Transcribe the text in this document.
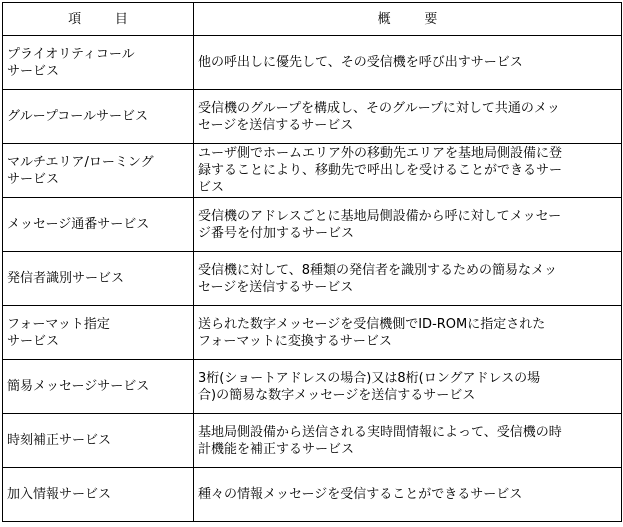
項 目	概 要
プライオリティコール
サービス	他の呼出しに優先して、その受信機を呼び出すサービス
グループコールサービス	受信機のグループを構成し、そのグループに対して共通のメッ
セージを送信するサービス
マルチエリア/ローミング
サービス	ユーザ側でホームエリア外の移動先エリアを基地局側設備に登
録することにより、移動先で呼出しを受けることができるサー
ビス
メッセージ通番サービス	受信機のアドレスごとに基地局側設備から呼に対してメッセー
ジ番号を付加するサービス
発信者識別サービス	受信機に対して、8種類の発信者を識別するための簡易なメッ
セージを送信するサービス
フォーマット指定
サービス	送られた数字メッセージを受信機側でID-ROMに指定された
フォーマットに変換するサービス
簡易メッセージサービス	3桁(ショートアドレスの場合)又は8桁(ロングアドレスの場
合)の簡易な数字メッセージを送信するサービス
時刻補正サービス	基地局側設備から送信される実時間情報によって、受信機の時
計機能を補正するサービス
加入情報サービス	種々の情報メッセージを受信することができるサービス
